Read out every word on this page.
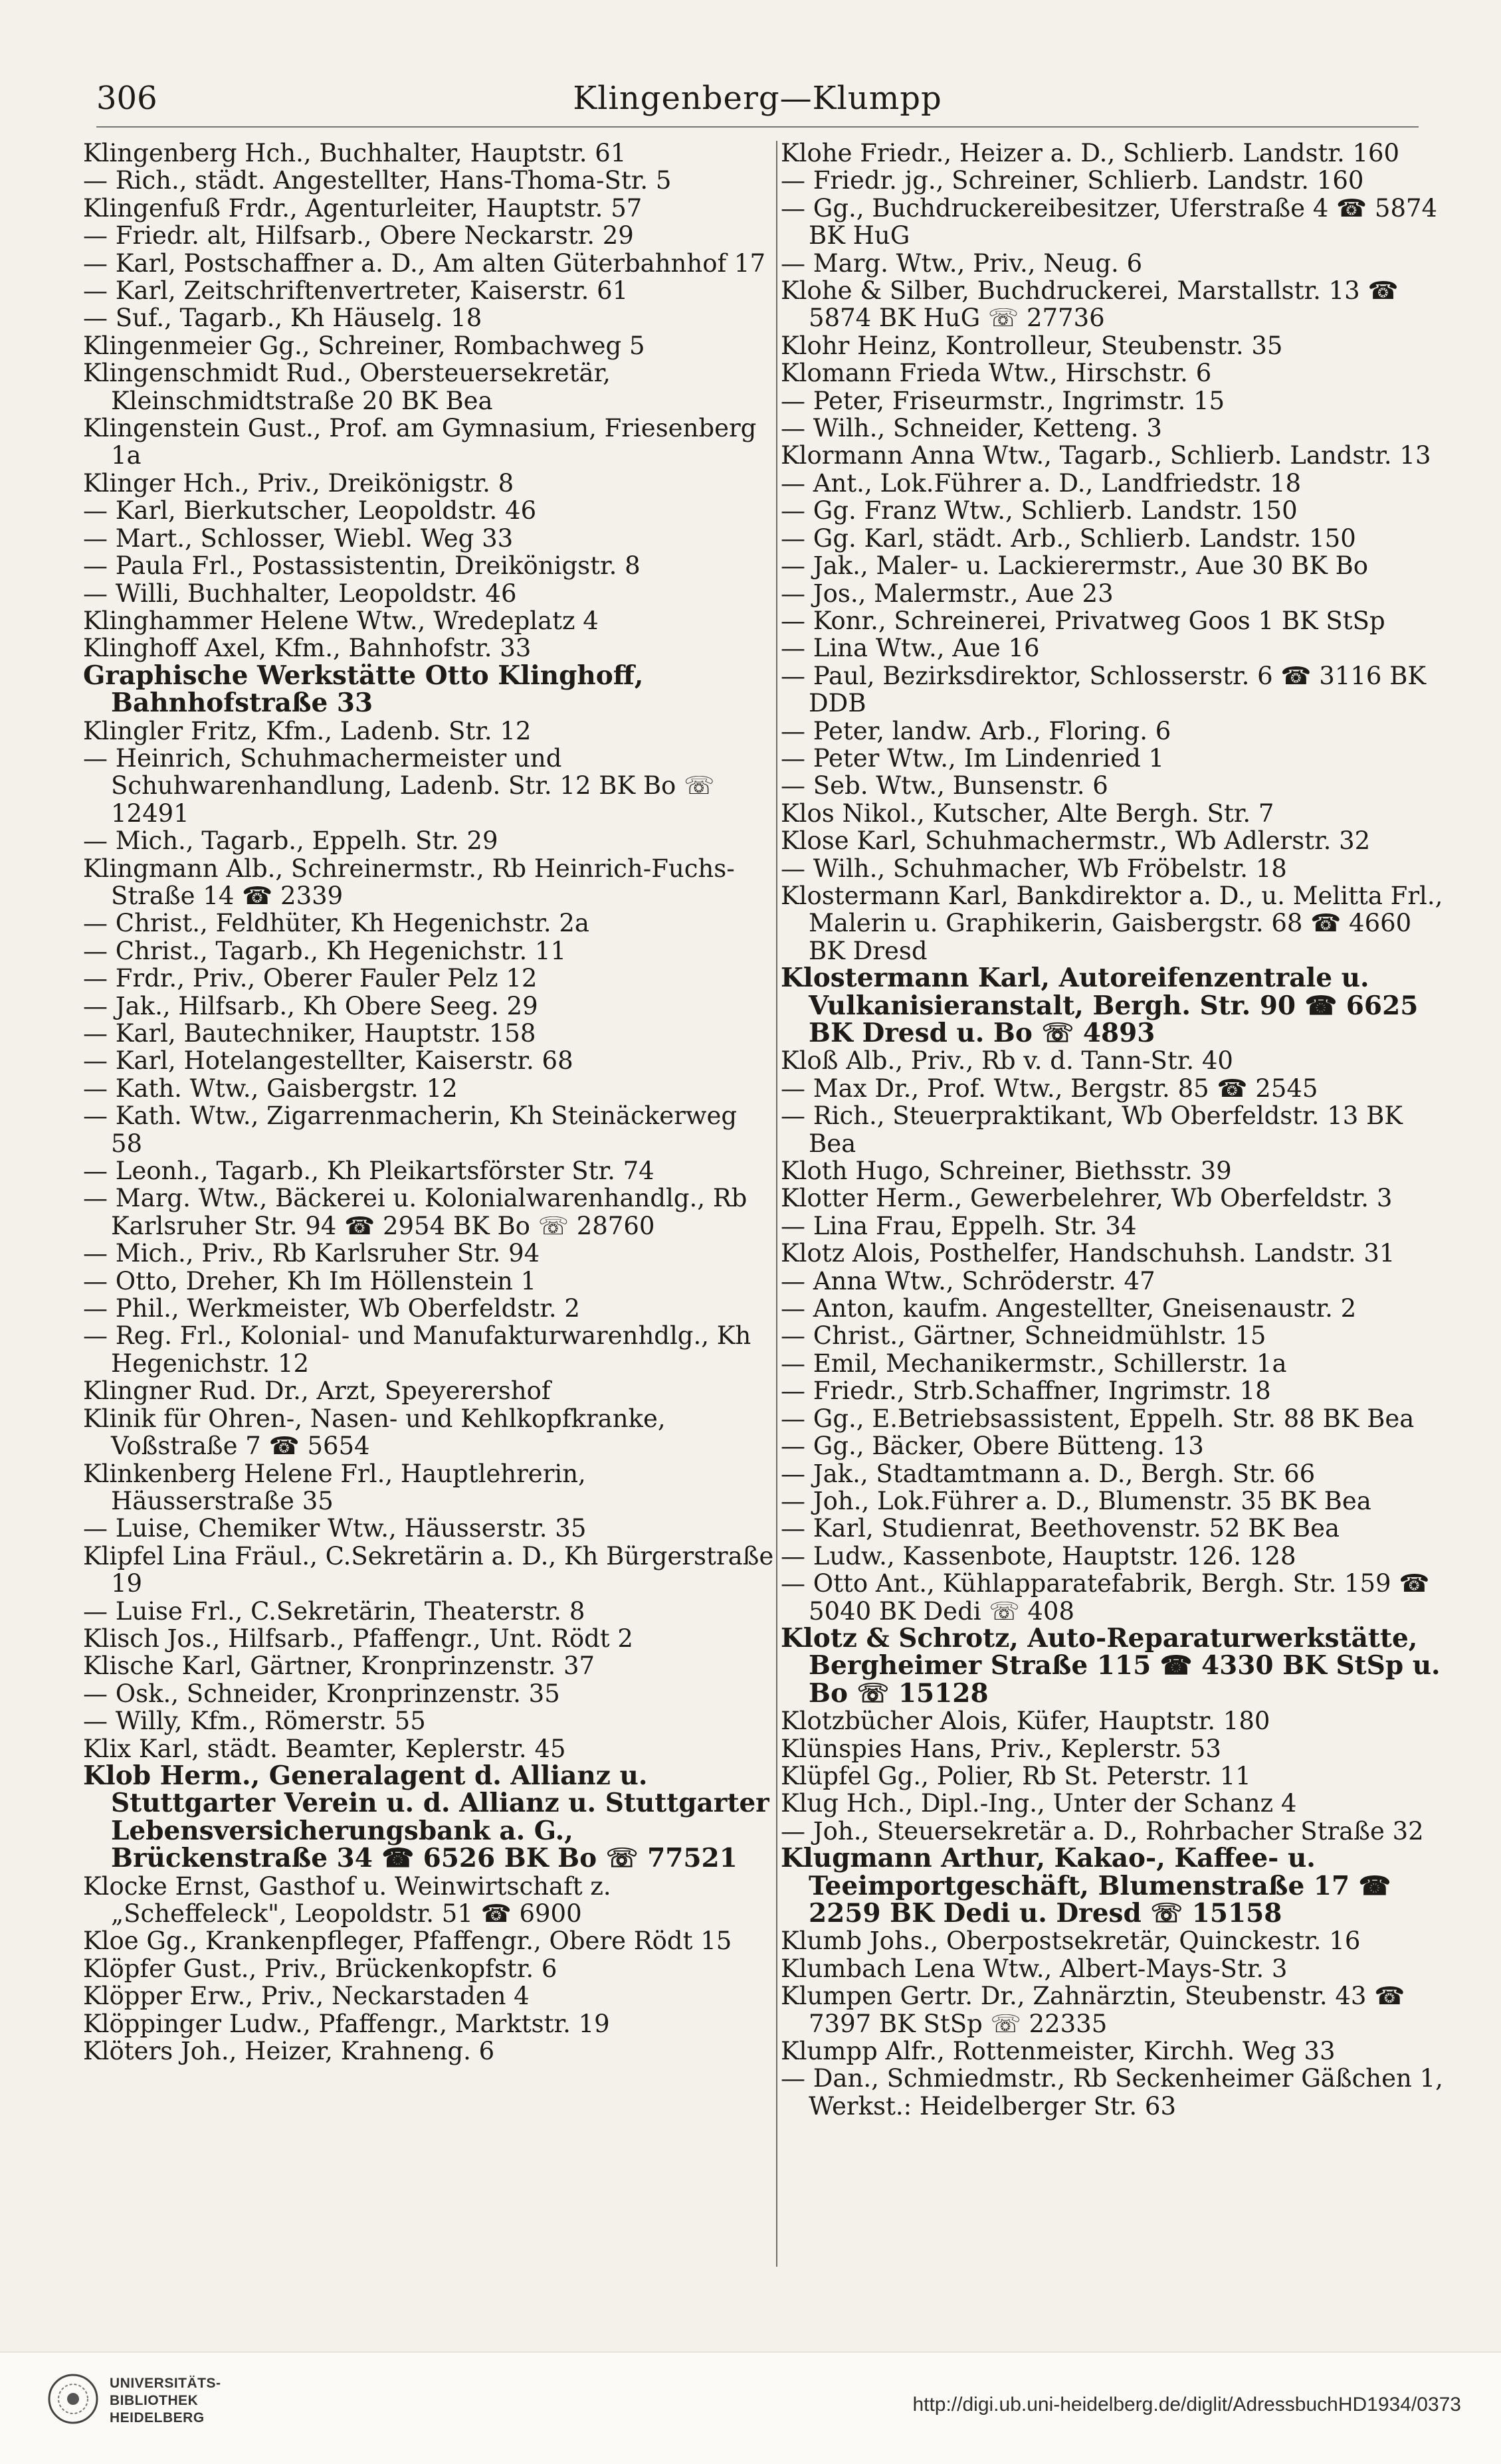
306	Klingenberg—Klumpp
Klingenberg Hch., Buchhalter, Hauptstr. 61
— Rich., städt. Angestellter, Hans-Thoma-Str. 5
Klingenfuß Frdr., Agenturleiter, Hauptstr. 57
— Friedr. alt, Hilfsarb., Obere Neckarstr. 29
— Karl, Postschaffner a. D., Am alten Güterbahnhof 17
— Karl, Zeitschriftenvertreter, Kaiserstr. 61
— Suf., Tagarb., Kh Häuselg. 18
Klingenmeier Gg., Schreiner, Rombachweg 5
Klingenschmidt Rud., Obersteuersekretär, Kleinschmidtstraße 20 BK Bea
Klingenstein Gust., Prof. am Gymnasium, Friesenberg 1a
Klinger Hch., Priv., Dreikönigstr. 8
— Karl, Bierkutscher, Leopoldstr. 46
— Mart., Schlosser, Wiebl. Weg 33
— Paula Frl., Postassistentin, Dreikönigstr. 8
— Willi, Buchhalter, Leopoldstr. 46
Klinghammer Helene Wtw., Wredeplatz 4
Klinghoff Axel, Kfm., Bahnhofstr. 33
Graphische Werkstätte Otto Klinghoff, Bahnhofstraße 33
Klingler Fritz, Kfm., Ladenb. Str. 12
— Heinrich, Schuhmachermeister und Schuhwarenhandlung, Ladenb. Str. 12 BK Bo ☏ 12491
— Mich., Tagarb., Eppelh. Str. 29
Klingmann Alb., Schreinermstr., Rb Heinrich-Fuchs-Straße 14 ☎ 2339
— Christ., Feldhüter, Kh Hegenichstr. 2a
— Christ., Tagarb., Kh Hegenichstr. 11
— Frdr., Priv., Oberer Fauler Pelz 12
— Jak., Hilfsarb., Kh Obere Seeg. 29
— Karl, Bautechniker, Hauptstr. 158
— Karl, Hotelangestellter, Kaiserstr. 68
— Kath. Wtw., Gaisbergstr. 12
— Kath. Wtw., Zigarrenmacherin, Kh Steinäckerweg 58
— Leonh., Tagarb., Kh Pleikartsförster Str. 74
— Marg. Wtw., Bäckerei u. Kolonialwarenhandlg., Rb Karlsruher Str. 94 ☎ 2954 BK Bo ☏ 28760
— Mich., Priv., Rb Karlsruher Str. 94
— Otto, Dreher, Kh Im Höllenstein 1
— Phil., Werkmeister, Wb Oberfeldstr. 2
— Reg. Frl., Kolonial- und Manufakturwarenhdlg., Kh Hegenichstr. 12
Klingner Rud. Dr., Arzt, Speyerershof
Klinik für Ohren-, Nasen- und Kehlkopfkranke, Voßstraße 7 ☎ 5654
Klinkenberg Helene Frl., Hauptlehrerin, Häusserstraße 35
— Luise, Chemiker Wtw., Häusserstr. 35
Klipfel Lina Fräul., C.Sekretärin a. D., Kh Bürgerstraße 19
— Luise Frl., C.Sekretärin, Theaterstr. 8
Klisch Jos., Hilfsarb., Pfaffengr., Unt. Rödt 2
Klische Karl, Gärtner, Kronprinzenstr. 37
— Osk., Schneider, Kronprinzenstr. 35
— Willy, Kfm., Römerstr. 55
Klix Karl, städt. Beamter, Keplerstr. 45
Klob Herm., Generalagent d. Allianz u. Stuttgarter Verein u. d. Allianz u. Stuttgarter Lebensversicherungsbank a. G., Brückenstraße 34 ☎ 6526 BK Bo ☏ 77521
Klocke Ernst, Gasthof u. Weinwirtschaft z. „Scheffeleck", Leopoldstr. 51 ☎ 6900
Kloe Gg., Krankenpfleger, Pfaffengr., Obere Rödt 15
Klöpfer Gust., Priv., Brückenkopfstr. 6
Klöpper Erw., Priv., Neckarstaden 4
Klöppinger Ludw., Pfaffengr., Marktstr. 19
Klöters Joh., Heizer, Krahneng. 6
Klohe Friedr., Heizer a. D., Schlierb. Landstr. 160
— Friedr. jg., Schreiner, Schlierb. Landstr. 160
— Gg., Buchdruckereibesitzer, Uferstraße 4 ☎ 5874 BK HuG
— Marg. Wtw., Priv., Neug. 6
Klohe & Silber, Buchdruckerei, Marstallstr. 13 ☎ 5874 BK HuG ☏ 27736
Klohr Heinz, Kontrolleur, Steubenstr. 35
Klomann Frieda Wtw., Hirschstr. 6
— Peter, Friseurmstr., Ingrimstr. 15
— Wilh., Schneider, Ketteng. 3
Klormann Anna Wtw., Tagarb., Schlierb. Landstr. 13
— Ant., Lok.Führer a. D., Landfriedstr. 18
— Gg. Franz Wtw., Schlierb. Landstr. 150
— Gg. Karl, städt. Arb., Schlierb. Landstr. 150
— Jak., Maler- u. Lackierermstr., Aue 30 BK Bo
— Jos., Malermstr., Aue 23
— Konr., Schreinerei, Privatweg Goos 1 BK StSp
— Lina Wtw., Aue 16
— Paul, Bezirksdirektor, Schlosserstr. 6 ☎ 3116 BK DDB
— Peter, landw. Arb., Floring. 6
— Peter Wtw., Im Lindenried 1
— Seb. Wtw., Bunsenstr. 6
Klos Nikol., Kutscher, Alte Bergh. Str. 7
Klose Karl, Schuhmachermstr., Wb Adlerstr. 32
— Wilh., Schuhmacher, Wb Fröbelstr. 18
Klostermann Karl, Bankdirektor a. D., u. Melitta Frl., Malerin u. Graphikerin, Gaisbergstr. 68 ☎ 4660 BK Dresd
Klostermann Karl, Autoreifenzentrale u. Vulkanisieranstalt, Bergh. Str. 90 ☎ 6625 BK Dresd u. Bo ☏ 4893
Kloß Alb., Priv., Rb v. d. Tann-Str. 40
— Max Dr., Prof. Wtw., Bergstr. 85 ☎ 2545
— Rich., Steuerpraktikant, Wb Oberfeldstr. 13 BK Bea
Kloth Hugo, Schreiner, Biethsstr. 39
Klotter Herm., Gewerbelehrer, Wb Oberfeldstr. 3
— Lina Frau, Eppelh. Str. 34
Klotz Alois, Posthelfer, Handschuhsh. Landstr. 31
— Anna Wtw., Schröderstr. 47
— Anton, kaufm. Angestellter, Gneisenaustr. 2
— Christ., Gärtner, Schneidmühlstr. 15
— Emil, Mechanikermstr., Schillerstr. 1a
— Friedr., Strb.Schaffner, Ingrimstr. 18
— Gg., E.Betriebsassistent, Eppelh. Str. 88 BK Bea
— Gg., Bäcker, Obere Bütteng. 13
— Jak., Stadtamtmann a. D., Bergh. Str. 66
— Joh., Lok.Führer a. D., Blumenstr. 35 BK Bea
— Karl, Studienrat, Beethovenstr. 52 BK Bea
— Ludw., Kassenbote, Hauptstr. 126. 128
— Otto Ant., Kühlapparatefabrik, Bergh. Str. 159 ☎ 5040 BK Dedi ☏ 408
Klotz & Schrotz, Auto-Reparaturwerkstätte, Bergheimer Straße 115 ☎ 4330 BK StSp u. Bo ☏ 15128
Klotzbücher Alois, Küfer, Hauptstr. 180
Klünspies Hans, Priv., Keplerstr. 53
Klüpfel Gg., Polier, Rb St. Peterstr. 11
Klug Hch., Dipl.-Ing., Unter der Schanz 4
— Joh., Steuersekretär a. D., Rohrbacher Straße 32
Klugmann Arthur, Kakao-, Kaffee- u. Teeimportgeschäft, Blumenstraße 17 ☎ 2259 BK Dedi u. Dresd ☏ 15158
Klumb Johs., Oberpostsekretär, Quinckestr. 16
Klumbach Lena Wtw., Albert-Mays-Str. 3
Klumpen Gertr. Dr., Zahnärztin, Steubenstr. 43 ☎ 7397 BK StSp ☏ 22335
Klumpp Alfr., Rottenmeister, Kirchh. Weg 33
— Dan., Schmiedmstr., Rb Seckenheimer Gäßchen 1, Werkst.: Heidelberger Str. 63
UNIVERSITÄTS-
BIBLIOTHEK
HEIDELBERG
http://digi.ub.uni-heidelberg.de/diglit/AdressbuchHD1934/0373
